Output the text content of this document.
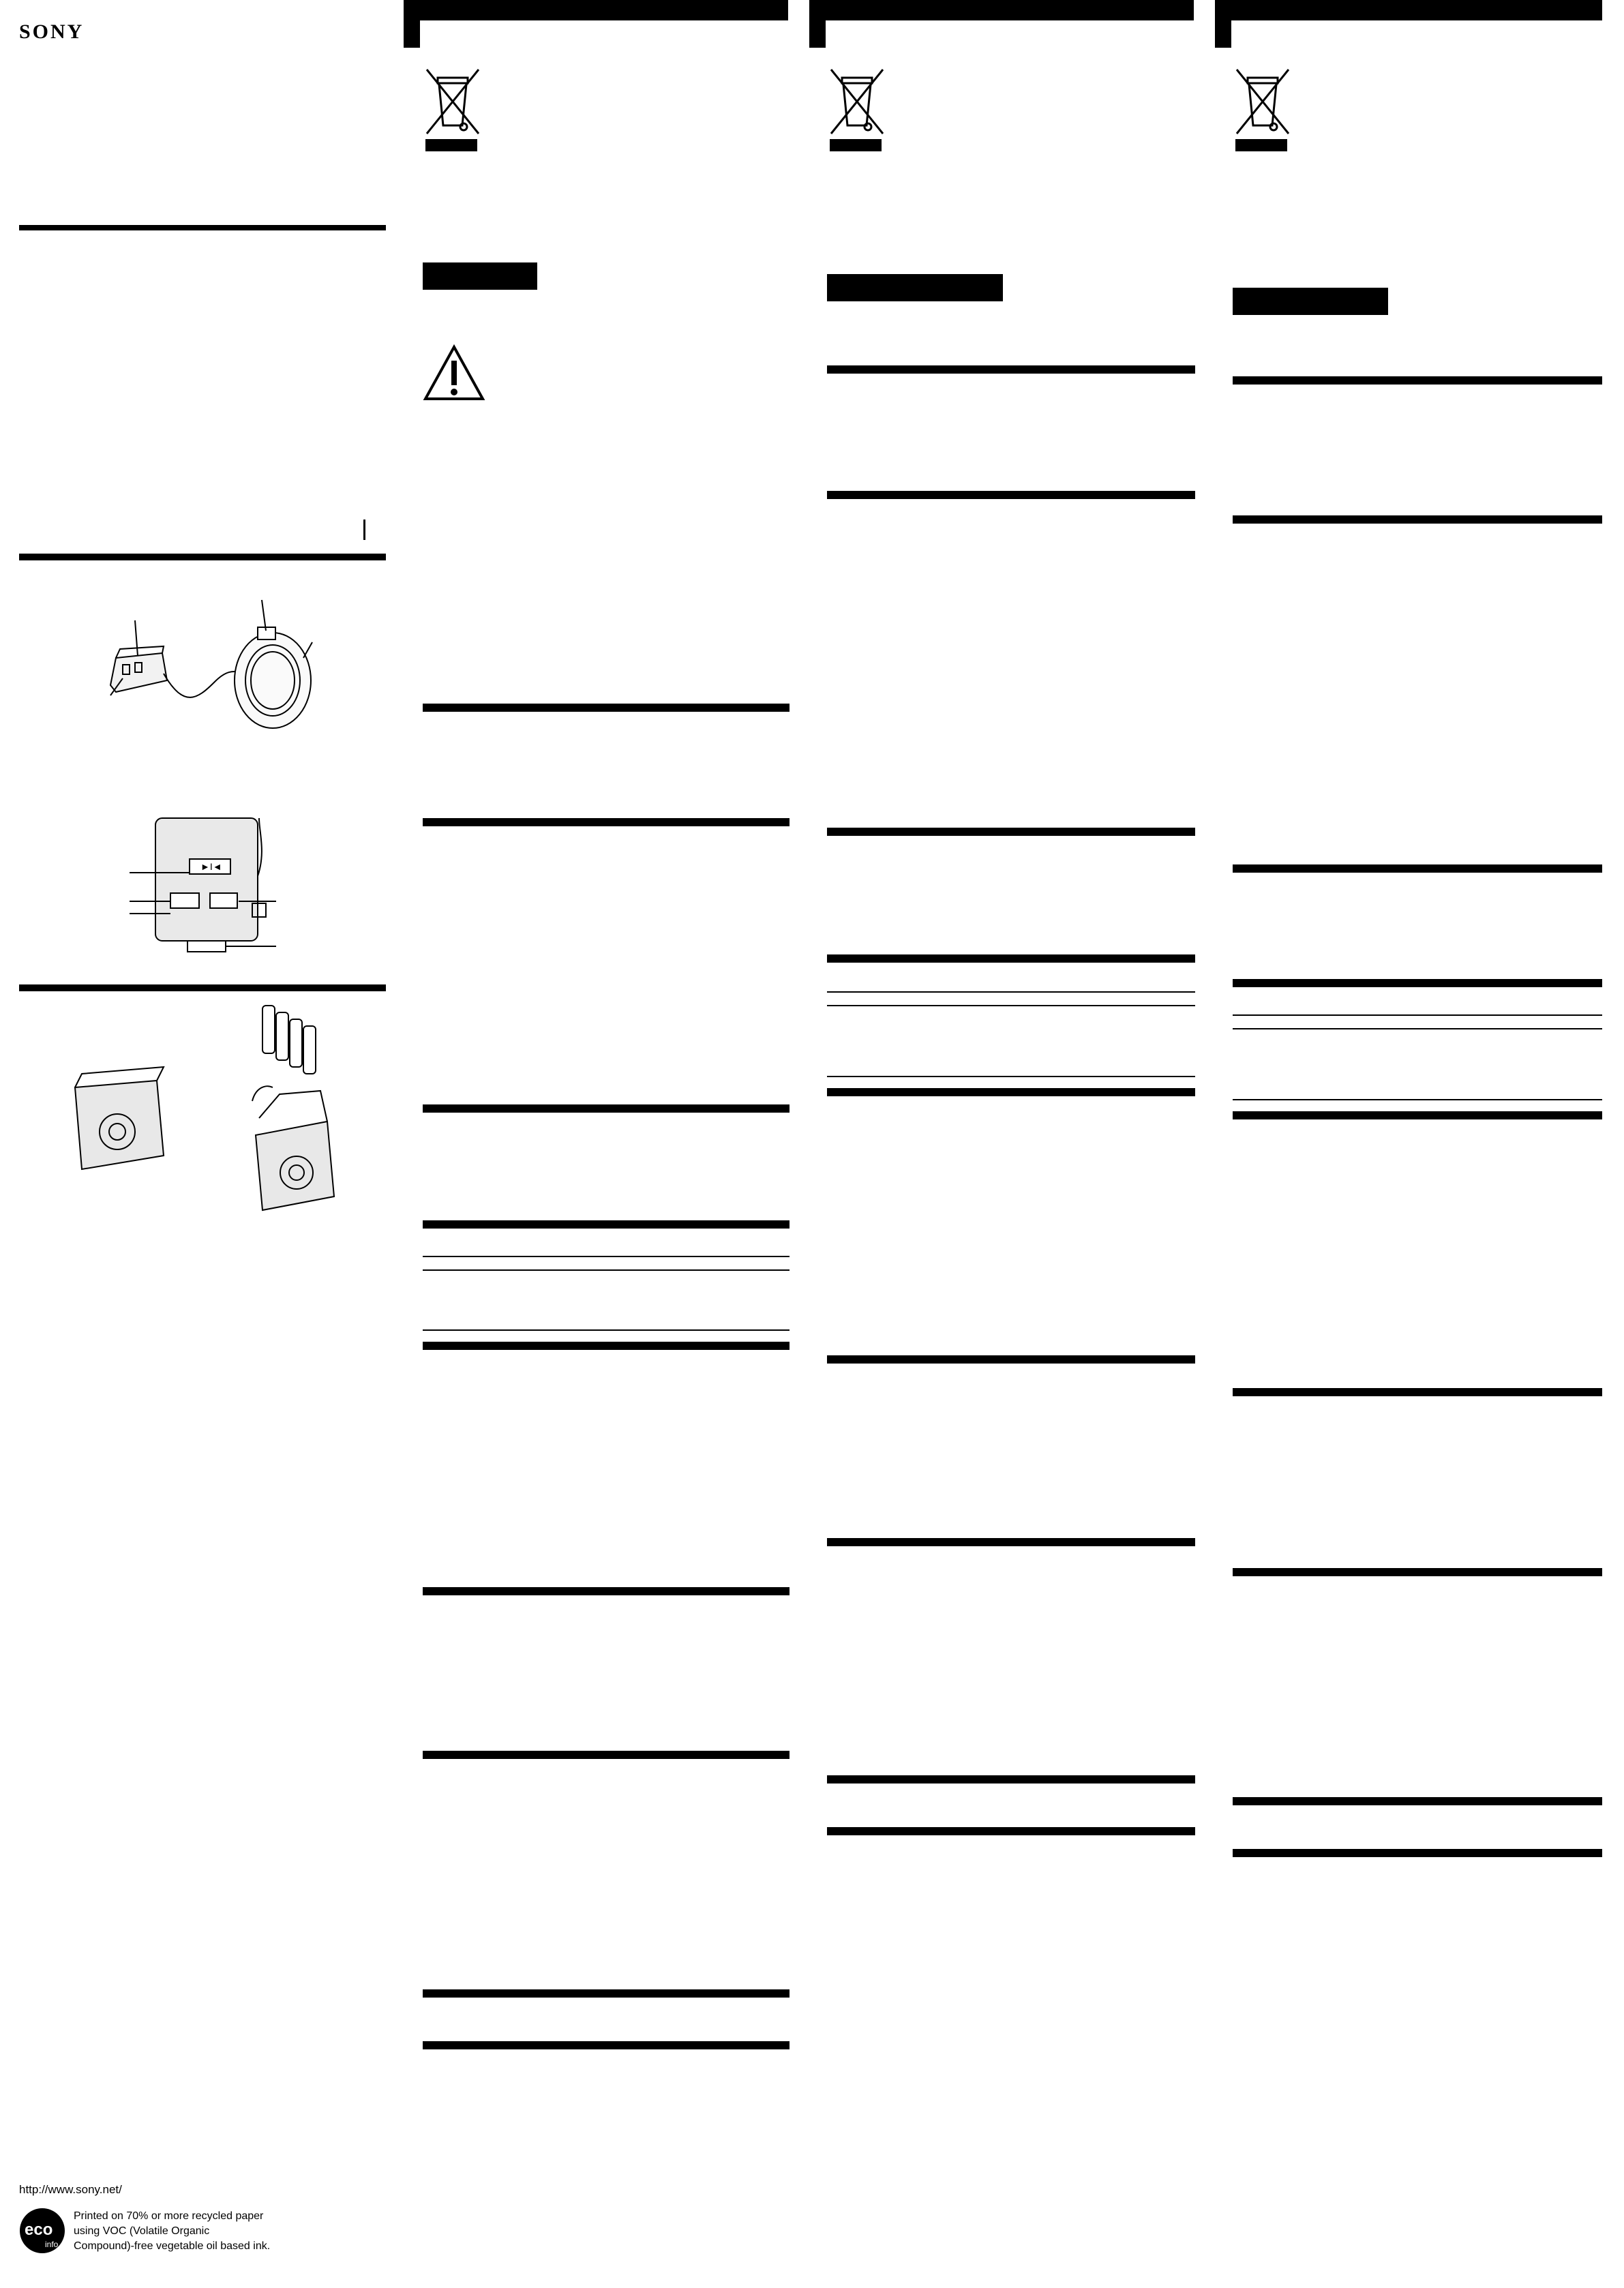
SONY
►I◄
http://www.sony.net/
eco
info
Printed on 70% or more recycled paper
using VOC (Volatile Organic
Compound)-free vegetable oil based ink.
